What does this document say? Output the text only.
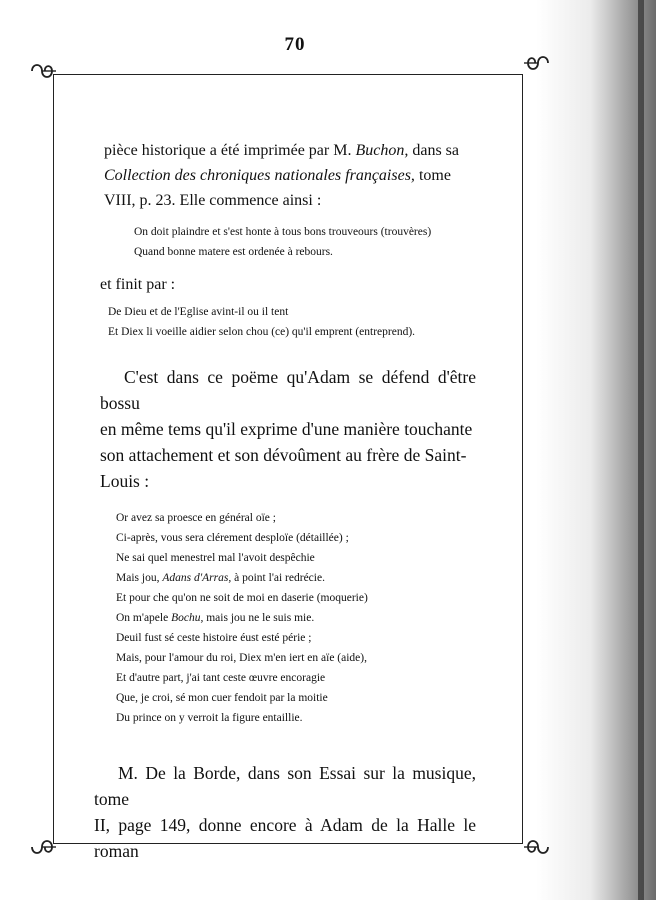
70

pièce historique a été imprimée par M. Buchon, dans sa

Collection des chroniques nationales françaises, tome

VIII, p. 23. Elle commence ainsi :

On doit plaindre et s'est honte à tous bons trouveours (trouvères)

Quand bonne matere est ordenée à rebours.

et finit par :

De Dieu et de l'Eglise avint-il ou il tent

Et Diex li voeille aidier selon chou (ce) qu'il emprent (entreprend).

C'est dans ce poëme qu'Adam se défend d'être bossu

en même tems qu'il exprime d'une manière touchante

son attachement et son dévoûment au frère de Saint-

Louis :

Or avez sa proesce en général oïe ;

Ci-après, vous sera clérement desploïe (détaillée) ;

Ne sai quel menestrel mal l'avoit despêchie

Mais jou, Adans d'Arras, à point l'ai redrécie.

Et pour che qu'on ne soit de moi en daserie (moquerie)

On m'apele Bochu, mais jou ne le suis mie.

Deuil fust sé ceste histoire éust esté périe ;

Mais, pour l'amour du roi, Diex m'en iert en aïe (aide),

Et d'autre part, j'ai tant ceste œuvre encoragie

Que, je croi, sé mon cuer fendoit par la moitie

Du prince on y verroit la figure entaillie.

M. De la Borde, dans son Essai sur la musique, tome

II, page 149, donne encore à Adam de la Halle le roman
